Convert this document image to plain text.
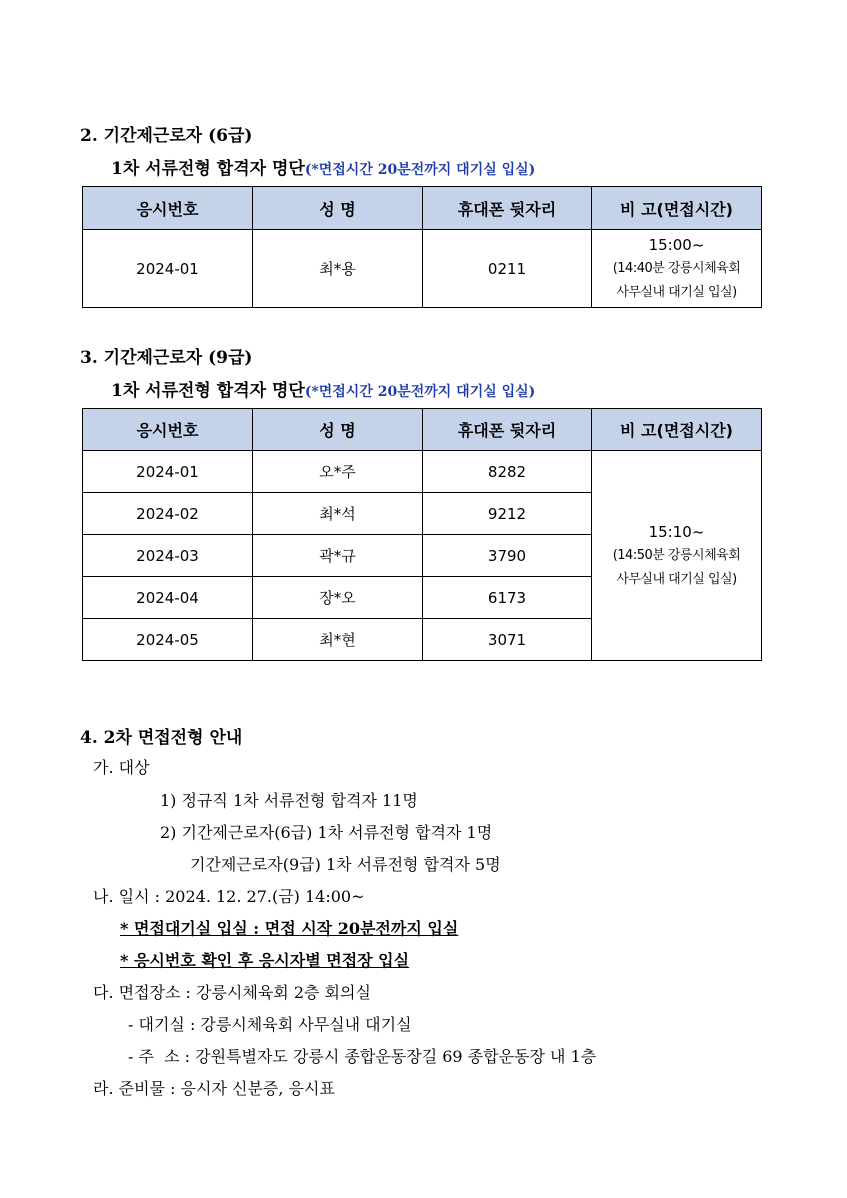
2. 기간제근로자 (6급)
1차 서류전형 합격자 명단(*면접시간 20분전까지 대기실 입실)
응시번호	성 명	휴대폰 뒷자리	비 고(면접시간)
2024-01	최*용	0211	15:00~
(14:40분 강릉시체육회
사무실내 대기실 입실)
3. 기간제근로자 (9급)
1차 서류전형 합격자 명단(*면접시간 20분전까지 대기실 입실)
응시번호	성 명	휴대폰 뒷자리	비 고(면접시간)
2024-01	오*주	8282	15:10~
(14:50분 강릉시체육회
사무실내 대기실 입실)

2024-02	최*석	9212	
2024-03	곽*규	3790	
2024-04	장*오	6173	
2024-05	최*현	3071	
4. 2차 면접전형 안내
가. 대상
1) 정규직 1차 서류전형 합격자 11명
2) 기간제근로자(6급) 1차 서류전형 합격자 1명
기간제근로자(9급) 1차 서류전형 합격자 5명
나. 일시 : 2024. 12. 27.(금) 14:00~
* 면접대기실 입실 : 면접 시작 20분전까지 입실
* 응시번호 확인 후 응시자별 면접장 입실
다. 면접장소 : 강릉시체육회 2층 회의실
- 대기실 : 강릉시체육회 사무실내 대기실
- 주  소 : 강원특별자도 강릉시 종합운동장길 69 종합운동장 내 1층
라. 준비물 : 응시자 신분증, 응시표
